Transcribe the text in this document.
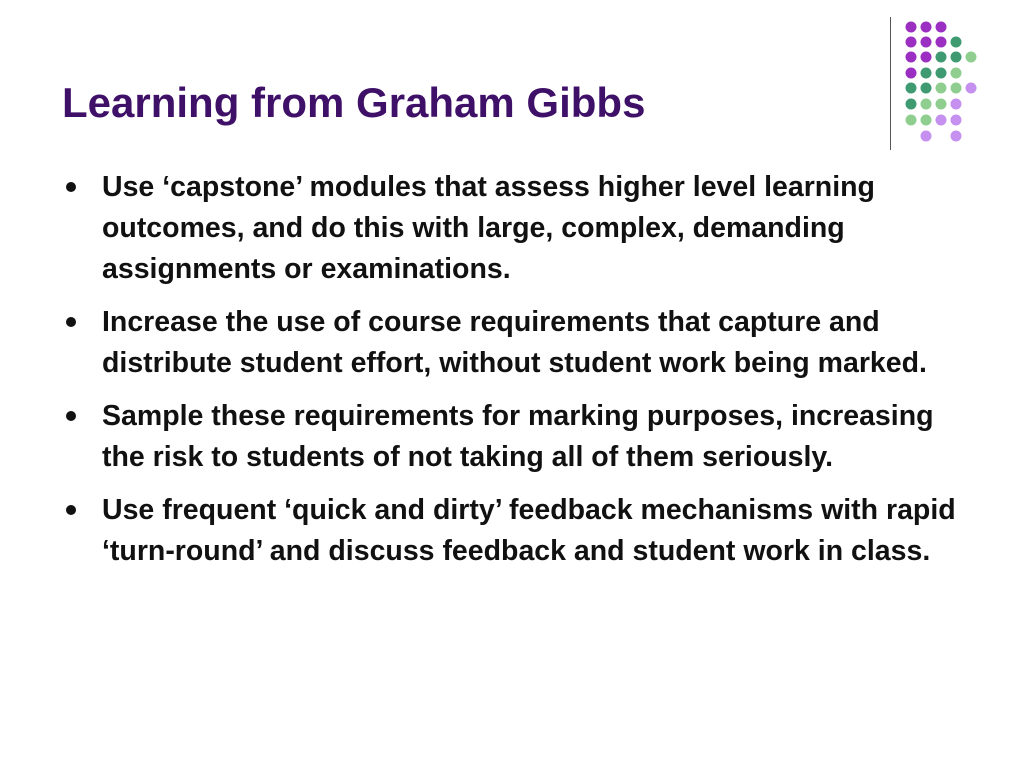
Learning from Graham Gibbs
Use ‘capstone’ modules that assess higher level learning outcomes, and do this with large, complex, demanding assignments or examinations.
Increase the use of course requirements that capture and distribute student effort, without student work being marked.
Sample these requirements for marking purposes, increasing the risk to students of not taking all of them seriously.
Use frequent ‘quick and dirty’ feedback mechanisms with rapid ‘turn-round’ and discuss feedback and student work in class.
